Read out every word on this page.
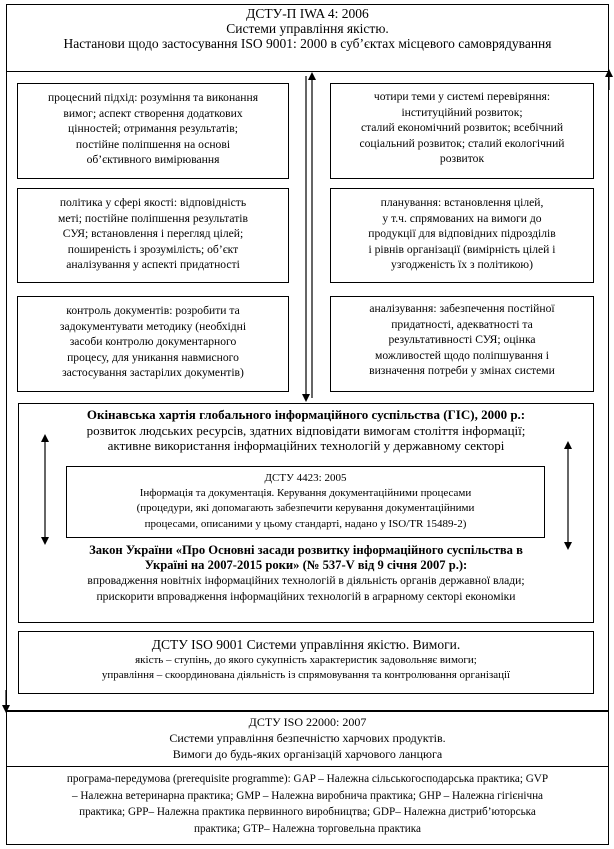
ДСТУ-П IWA 4: 2006
Системи управління якістю.
Настанови щодо застосування ISO 9001: 2000 в суб’єктах місцевого самоврядування
процесний підхід: розуміння та виконання
вимог; аспект створення додаткових
цінностей; отримання результатів;
постійне поліпшення на основі
об’єктивного вимірювання
політика у сфері якості: відповідність
меті; постійне поліпшення результатів
СУЯ; встановлення і перегляд цілей;
поширеність і зрозумілість; об’єкт
аналізування у аспекті придатності
контроль документів: розробити та
задокументувати методику (необхідні
засоби контролю документарного
процесу, для уникання навмисного
застосування застарілих документів)
чотири теми у системі перевіряння:
інституційний розвиток;
сталий економічний розвиток; всебічний
соціальний розвиток; сталий екологічний
розвиток
планування: встановлення цілей,
у т.ч. спрямованих на вимоги до
продукції для відповідних підрозділів
і рівнів організації (вимірність цілей і
узгодженість їх з політикою)
аналізування: забезпечення постійної
придатності, адекватності та
результативності СУЯ; оцінка
можливостей щодо поліпшування і
визначення потреби у змінах системи
Окінавська хартія глобального інформаційного суспільства (ГІС), 2000 р.:
розвиток людських ресурсів, здатних відповідати вимогам століття інформації;
активне використання інформаційних технологій у державному секторі
ДСТУ 4423: 2005
Інформація та документація. Керування документаційними процесами
(процедури, які допомагають забезпечити керування документаційними
процесами, описаними у цьому стандарті, надано у ISO/TR 15489-2)
Закон України «Про Основні засади розвитку інформаційного суспільства в
Україні на 2007-2015 роки» (№ 537-V від 9 січня 2007 р.):
впровадження новітніх інформаційних технологій в діяльність органів державної влади;
прискорити впровадження інформаційних технологій в аграрному секторі економіки
ДСТУ ISO 9001 Системи управління якістю. Вимоги.
якість – ступінь, до якого сукупність характеристик задовольняє вимоги;
управління – скоординована діяльність із спрямовування та контролювання організації
ДСТУ ISO 22000: 2007
Системи управління безпечністю харчових продуктів.
Вимоги до будь-яких організацій харчового ланцюга
програма-передумова (prerequisite programme): GAP – Належна сільськогосподарська практика; GVP
– Належна ветеринарна практика; GMP – Належна виробнича практика; GHP – Належна гігієнічна
практика; GPP– Належна практика первинного виробництва; GDP– Належна дистриб’юторська
практика; GTP– Належна торговельна практика
